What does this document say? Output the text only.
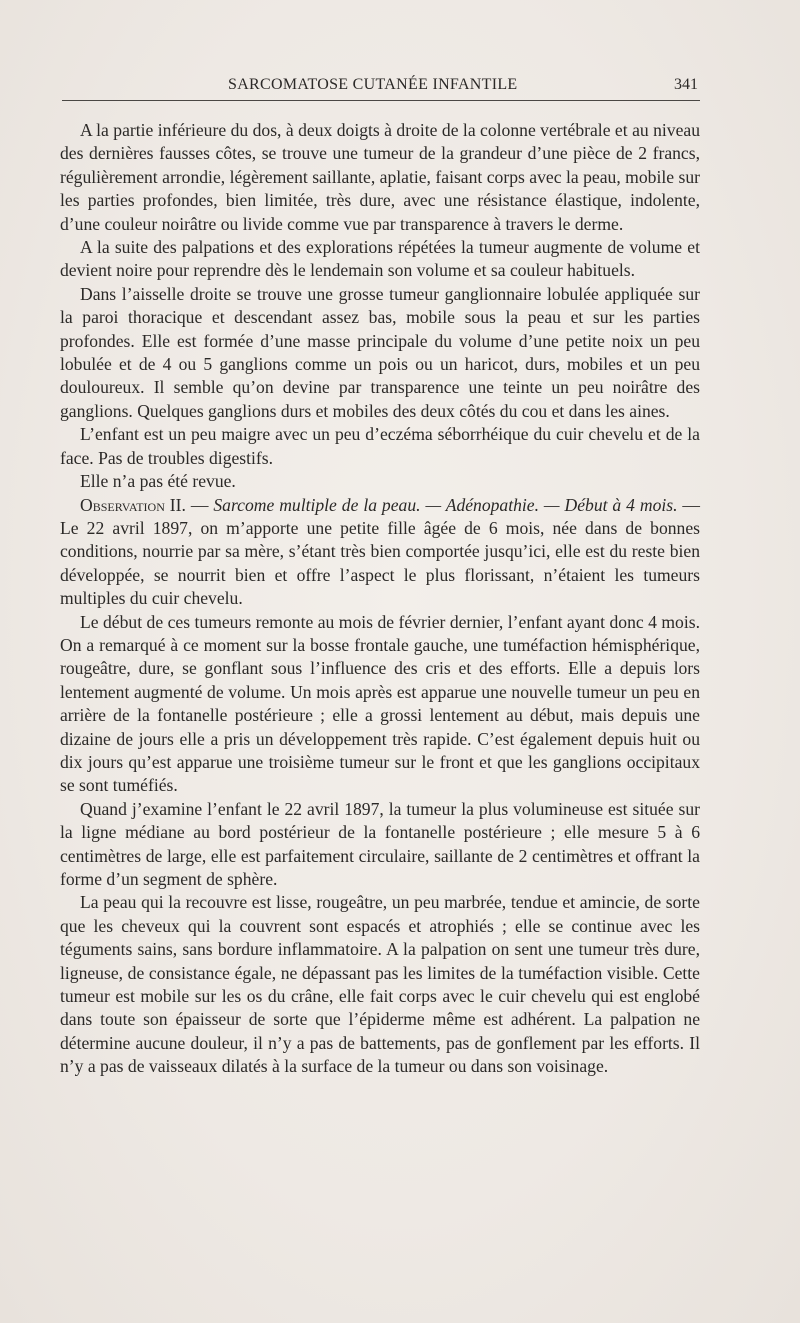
SARCOMATOSE CUTANÉE INFANTILE	341

A la partie inférieure du dos, à deux doigts à droite de la colonne vertébrale et au niveau des dernières fausses côtes, se trouve une tumeur de la grandeur d’une pièce de 2 francs, régulièrement arrondie, légèrement saillante, aplatie, faisant corps avec la peau, mobile sur les parties profondes, bien limitée, très dure, avec une résistance élastique, indolente, d’une couleur noirâtre ou livide comme vue par transparence à travers le derme.

A la suite des palpations et des explorations répétées la tumeur augmente de volume et devient noire pour reprendre dès le lendemain son volume et sa couleur habituels.

Dans l’aisselle droite se trouve une grosse tumeur ganglionnaire lobulée appliquée sur la paroi thoracique et descendant assez bas, mobile sous la peau et sur les parties profondes. Elle est formée d’une masse principale du volume d’une petite noix un peu lobulée et de 4 ou 5 ganglions comme un pois ou un haricot, durs, mobiles et un peu douloureux. Il semble qu’on devine par transparence une teinte un peu noirâtre des ganglions. Quelques ganglions durs et mobiles des deux côtés du cou et dans les aines.

L’enfant est un peu maigre avec un peu d’eczéma séborrhéique du cuir chevelu et de la face. Pas de troubles digestifs.

Elle n’a pas été revue.

Observation II. — Sarcome multiple de la peau. — Adénopathie. — Début à 4 mois. — Le 22 avril 1897, on m’apporte une petite fille âgée de 6 mois, née dans de bonnes conditions, nourrie par sa mère, s’étant très bien comportée jusqu’ici, elle est du reste bien développée, se nourrit bien et offre l’aspect le plus florissant, n’étaient les tumeurs multiples du cuir chevelu.

Le début de ces tumeurs remonte au mois de février dernier, l’enfant ayant donc 4 mois. On a remarqué à ce moment sur la bosse frontale gauche, une tuméfaction hémisphérique, rougeâtre, dure, se gonflant sous l’influence des cris et des efforts. Elle a depuis lors lentement augmenté de volume. Un mois après est apparue une nouvelle tumeur un peu en arrière de la fontanelle postérieure ; elle a grossi lentement au début, mais depuis une dizaine de jours elle a pris un développement très rapide. C’est également depuis huit ou dix jours qu’est apparue une troisième tumeur sur le front et que les ganglions occipitaux se sont tuméfiés.

Quand j’examine l’enfant le 22 avril 1897, la tumeur la plus volumineuse est située sur la ligne médiane au bord postérieur de la fontanelle postérieure ; elle mesure 5 à 6 centimètres de large, elle est parfaitement circulaire, saillante de 2 centimètres et offrant la forme d’un segment de sphère.

La peau qui la recouvre est lisse, rougeâtre, un peu marbrée, tendue et amincie, de sorte que les cheveux qui la couvrent sont espacés et atrophiés ; elle se continue avec les téguments sains, sans bordure inflammatoire. A la palpation on sent une tumeur très dure, ligneuse, de consistance égale, ne dépassant pas les limites de la tuméfaction visible. Cette tumeur est mobile sur les os du crâne, elle fait corps avec le cuir chevelu qui est englobé dans toute son épaisseur de sorte que l’épiderme même est adhérent. La palpation ne détermine aucune douleur, il n’y a pas de battements, pas de gonflement par les efforts. Il n’y a pas de vaisseaux dilatés à la surface de la tumeur ou dans son voisinage.
